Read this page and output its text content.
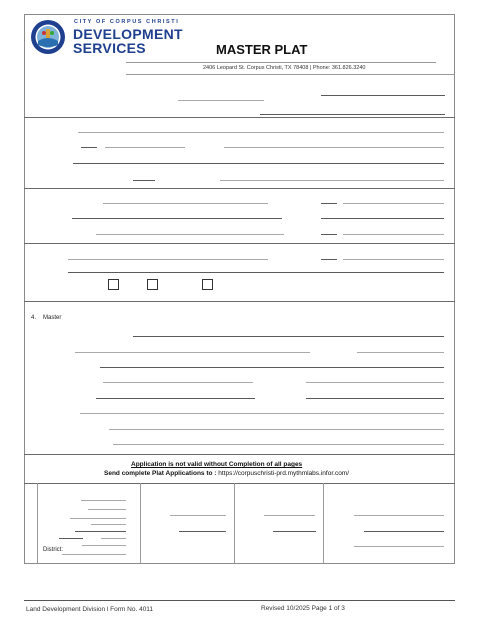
CITY OF CORPUS CHRISTI
DEVELOPMENT
SERVICES	MASTER PLAT
2406 Leopard St. Corpus Christi, TX 78408 | Phone: 361.826.3240
4. Master
Application is not valid without Completion of all pages
Send complete Plat Applications to : https://corpuschristi-prd.mythmlabs.infor.com/
District:
Land Development Division l Form No. 4011	Revised 10/2025 Page 1 of 3
